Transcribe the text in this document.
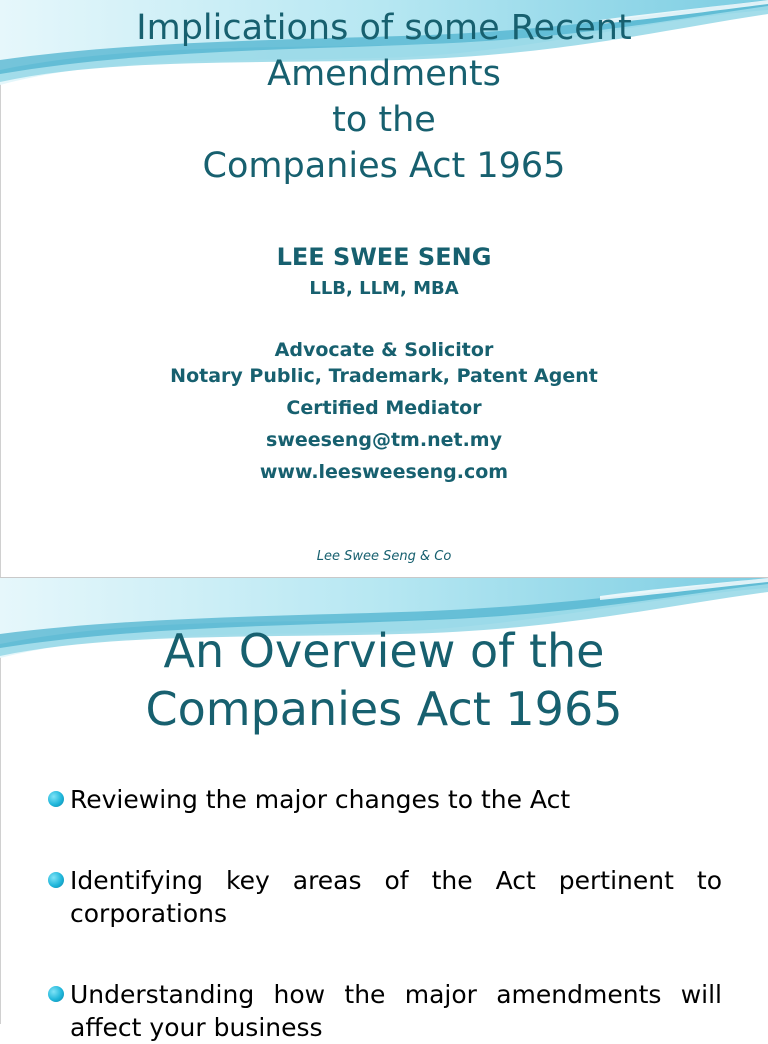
Implications of some Recent
Amendments
to the
Companies Act 1965
LEE SWEE SENG
LLB, LLM, MBA
Advocate & Solicitor
Notary Public, Trademark, Patent Agent
Certified Mediator
sweeseng@tm.net.my
www.leesweeseng.com
Lee Swee Seng & Co
An Overview of the
Companies Act 1965
Reviewing the major changes to the Act
Identifying key areas of the Act pertinent to corporations
Understanding how the major amendments will affect your business
